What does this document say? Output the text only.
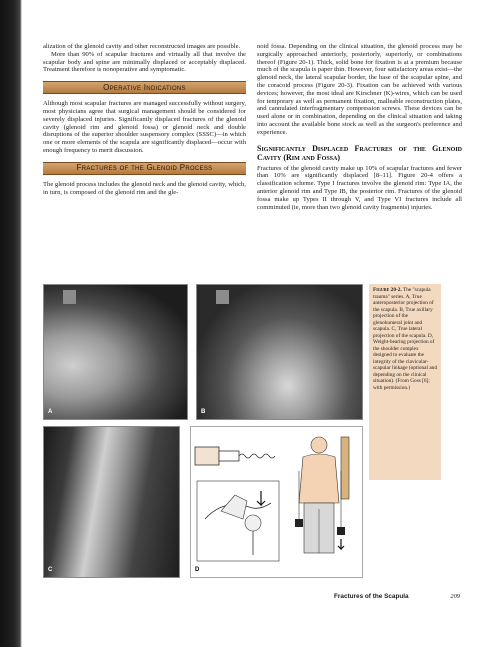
alization of the glenoid cavity and other reconstructed images are possible.

More than 90% of scapular fractures and virtually all that involve the scapular body and spine are minimally displaced or acceptably displaced. Treatment therefore is nonoperative and symptomatic.

Operative Indications

Although most scapular fractures are managed successfully without surgery, most physicians agree that surgical management should be considered for severely displaced injuries. Significantly displaced fractures of the glenoid cavity (glenoid rim and glenoid fossa) or glenoid neck and double disruptions of the superior shoulder suspensory complex (SSSC)—in which one or more elements of the scapula are significantly displaced—occur with enough frequency to merit discussion.

Fractures of the Glenoid Process

The glenoid process includes the glenoid neck and the glenoid cavity, which, in turn, is composed of the glenoid rim and the gle-

noid fossa. Depending on the clinical situation, the glenoid process may be surgically approached anteriorly, posteriorly, superiorly, or combinations thereof (Figure 20-1). Thick, solid bone for fixation is at a premium because much of the scapula is paper thin. However, four satisfactory areas exist—the glenoid neck, the lateral scapular border, the base of the scapular spine, and the coracoid process (Figure 20-3). Fixation can be achieved with various devices; however, the most ideal are Kirschner (K)-wires, which can be used for temporary as well as permanent fixation, malleable reconstruction plates, and cannulated interfragmentary compression screws. These devices can be used alone or in combination, depending on the clinical situation and taking into account the available bone stock as well as the surgeon's preference and experience.

Significantly Displaced Fractures of the Glenoid Cavity (Rim and Fossa)

Fractures of the glenoid cavity make up 10% of scapular fractures and fewer than 10% are significantly displaced [8–11]. Figure 20-4 offers a classification scheme. Type I fractures involve the glenoid rim: Type IA, the anterior glenoid rim and Type IB, the posterior rim. Fractures of the glenoid fossa make up Types II through V, and Type VI fractures include all comminuted (ie, more than two glenoid cavity fragments) injuries.

A	B
C	D
Figure 20-2. The "scapula trauma" series. A, True anteroposterior projection of the scapula. B, True axillary projection of the glenohumeral joint and scapula. C, True lateral projection of the scapula. D, Weight-bearing projection of the shoulder complex designed to evaluate the integrity of the clavicular-scapular linkage (optional and depending on the clinical situation). (From Goss [6]; with permission.)
Fractures of the Scapula	209
